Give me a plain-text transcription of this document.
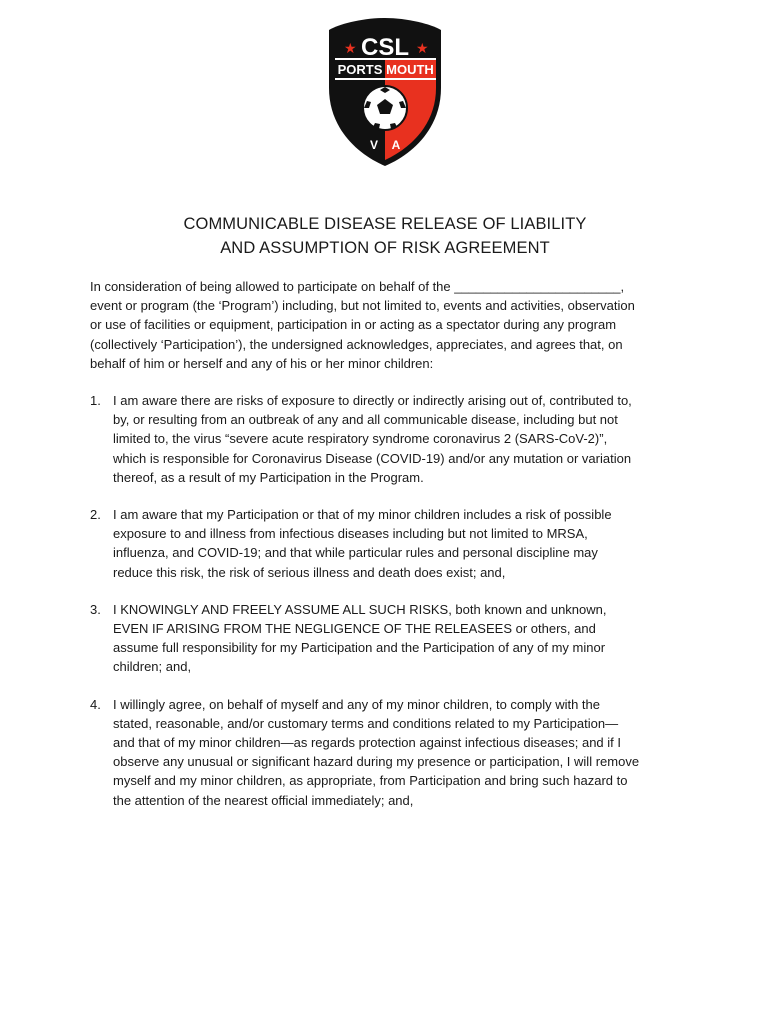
★	★
CSL
PORTS MOUTH
V A
COMMUNICABLE DISEASE RELEASE OF LIABILITY
AND ASSUMPTION OF RISK AGREEMENT

In consideration of being allowed to participate on behalf of the _______________________,
event or program (the ‘Program’) including, but not limited to, events and activities, observation
or use of facilities or equipment, participation in or acting as a spectator during any program
(collectively ‘Participation’), the undersigned acknowledges, appreciates, and agrees that, on
behalf of him or herself and any of his or her minor children:

1. I am aware there are risks of exposure to directly or indirectly arising out of, contributed to,
by, or resulting from an outbreak of any and all communicable disease, including but not
limited to, the virus “severe acute respiratory syndrome coronavirus 2 (SARS-CoV-2)”,
which is responsible for Coronavirus Disease (COVID-19) and/or any mutation or variation
thereof, as a result of my Participation in the Program.
2. I am aware that my Participation or that of my minor children includes a risk of possible
exposure to and illness from infectious diseases including but not limited to MRSA,
influenza, and COVID-19; and that while particular rules and personal discipline may
reduce this risk, the risk of serious illness and death does exist; and,
3. I KNOWINGLY AND FREELY ASSUME ALL SUCH RISKS, both known and unknown,
EVEN IF ARISING FROM THE NEGLIGENCE OF THE RELEASEES or others, and
assume full responsibility for my Participation and the Participation of any of my minor
children; and,
4. I willingly agree, on behalf of myself and any of my minor children, to comply with the
stated, reasonable, and/or customary terms and conditions related to my Participation—
and that of my minor children—as regards protection against infectious diseases; and if I
observe any unusual or significant hazard during my presence or participation, I will remove
myself and my minor children, as appropriate, from Participation and bring such hazard to
the attention of the nearest official immediately; and,
